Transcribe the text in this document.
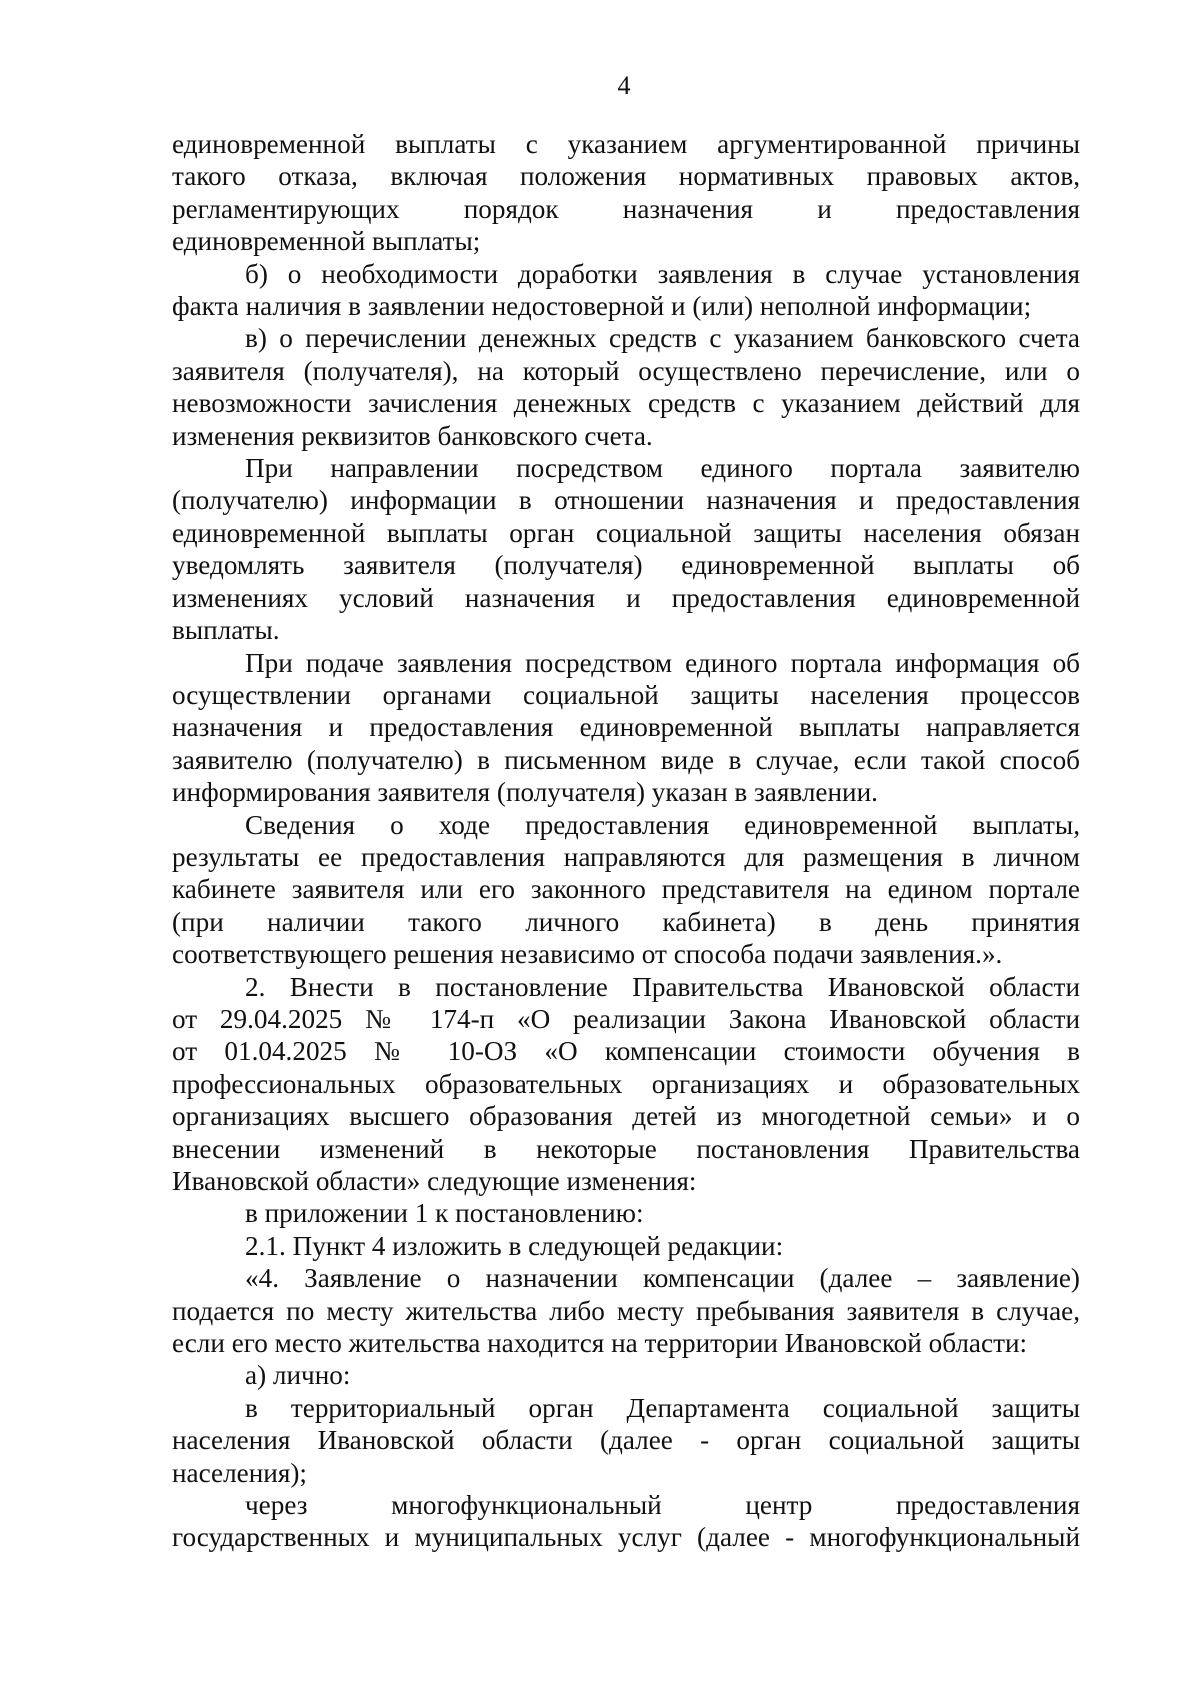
4
единовременной выплаты с указанием аргументированной причины
такого отказа, включая положения нормативных правовых актов,
регламентирующих порядок назначения и предоставления
единовременной выплаты;
б) о необходимости доработки заявления в случае установления
факта наличия в заявлении недостоверной и (или) неполной информации;
в) о перечислении денежных средств с указанием банковского счета
заявителя (получателя), на который осуществлено перечисление, или о
невозможности зачисления денежных средств с указанием действий для
изменения реквизитов банковского счета.
При направлении посредством единого портала заявителю
(получателю) информации в отношении назначения и предоставления
единовременной выплаты орган социальной защиты населения обязан
уведомлять заявителя (получателя) единовременной выплаты об
изменениях условий назначения и предоставления единовременной
выплаты.
При подаче заявления посредством единого портала информация об
осуществлении органами социальной защиты населения процессов
назначения и предоставления единовременной выплаты направляется
заявителю (получателю) в письменном виде в случае, если такой способ
информирования заявителя (получателя) указан в заявлении.
Сведения о ходе предоставления единовременной выплаты,
результаты ее предоставления направляются для размещения в личном
кабинете заявителя или его законного представителя на едином портале
(при наличии такого личного кабинета) в день принятия
соответствующего решения независимо от способа подачи заявления.».
2. Внести в постановление Правительства Ивановской области
от 29.04.2025 № 174-п «О реализации Закона Ивановской области
от 01.04.2025 № 10-ОЗ «О компенсации стоимости обучения в
профессиональных образовательных организациях и образовательных
организациях высшего образования детей из многодетной семьи» и о
внесении изменений в некоторые постановления Правительства
Ивановской области» следующие изменения:
в приложении 1 к постановлению:
2.1. Пункт 4 изложить в следующей редакции:
«4. Заявление о назначении компенсации (далее – заявление)
подается по месту жительства либо месту пребывания заявителя в случае,
если его место жительства находится на территории Ивановской области:
а) лично:
в территориальный орган Департамента социальной защиты
населения Ивановской области (далее - орган социальной защиты
населения);
через многофункциональный центр предоставления
государственных и муниципальных услуг (далее - многофункциональный
